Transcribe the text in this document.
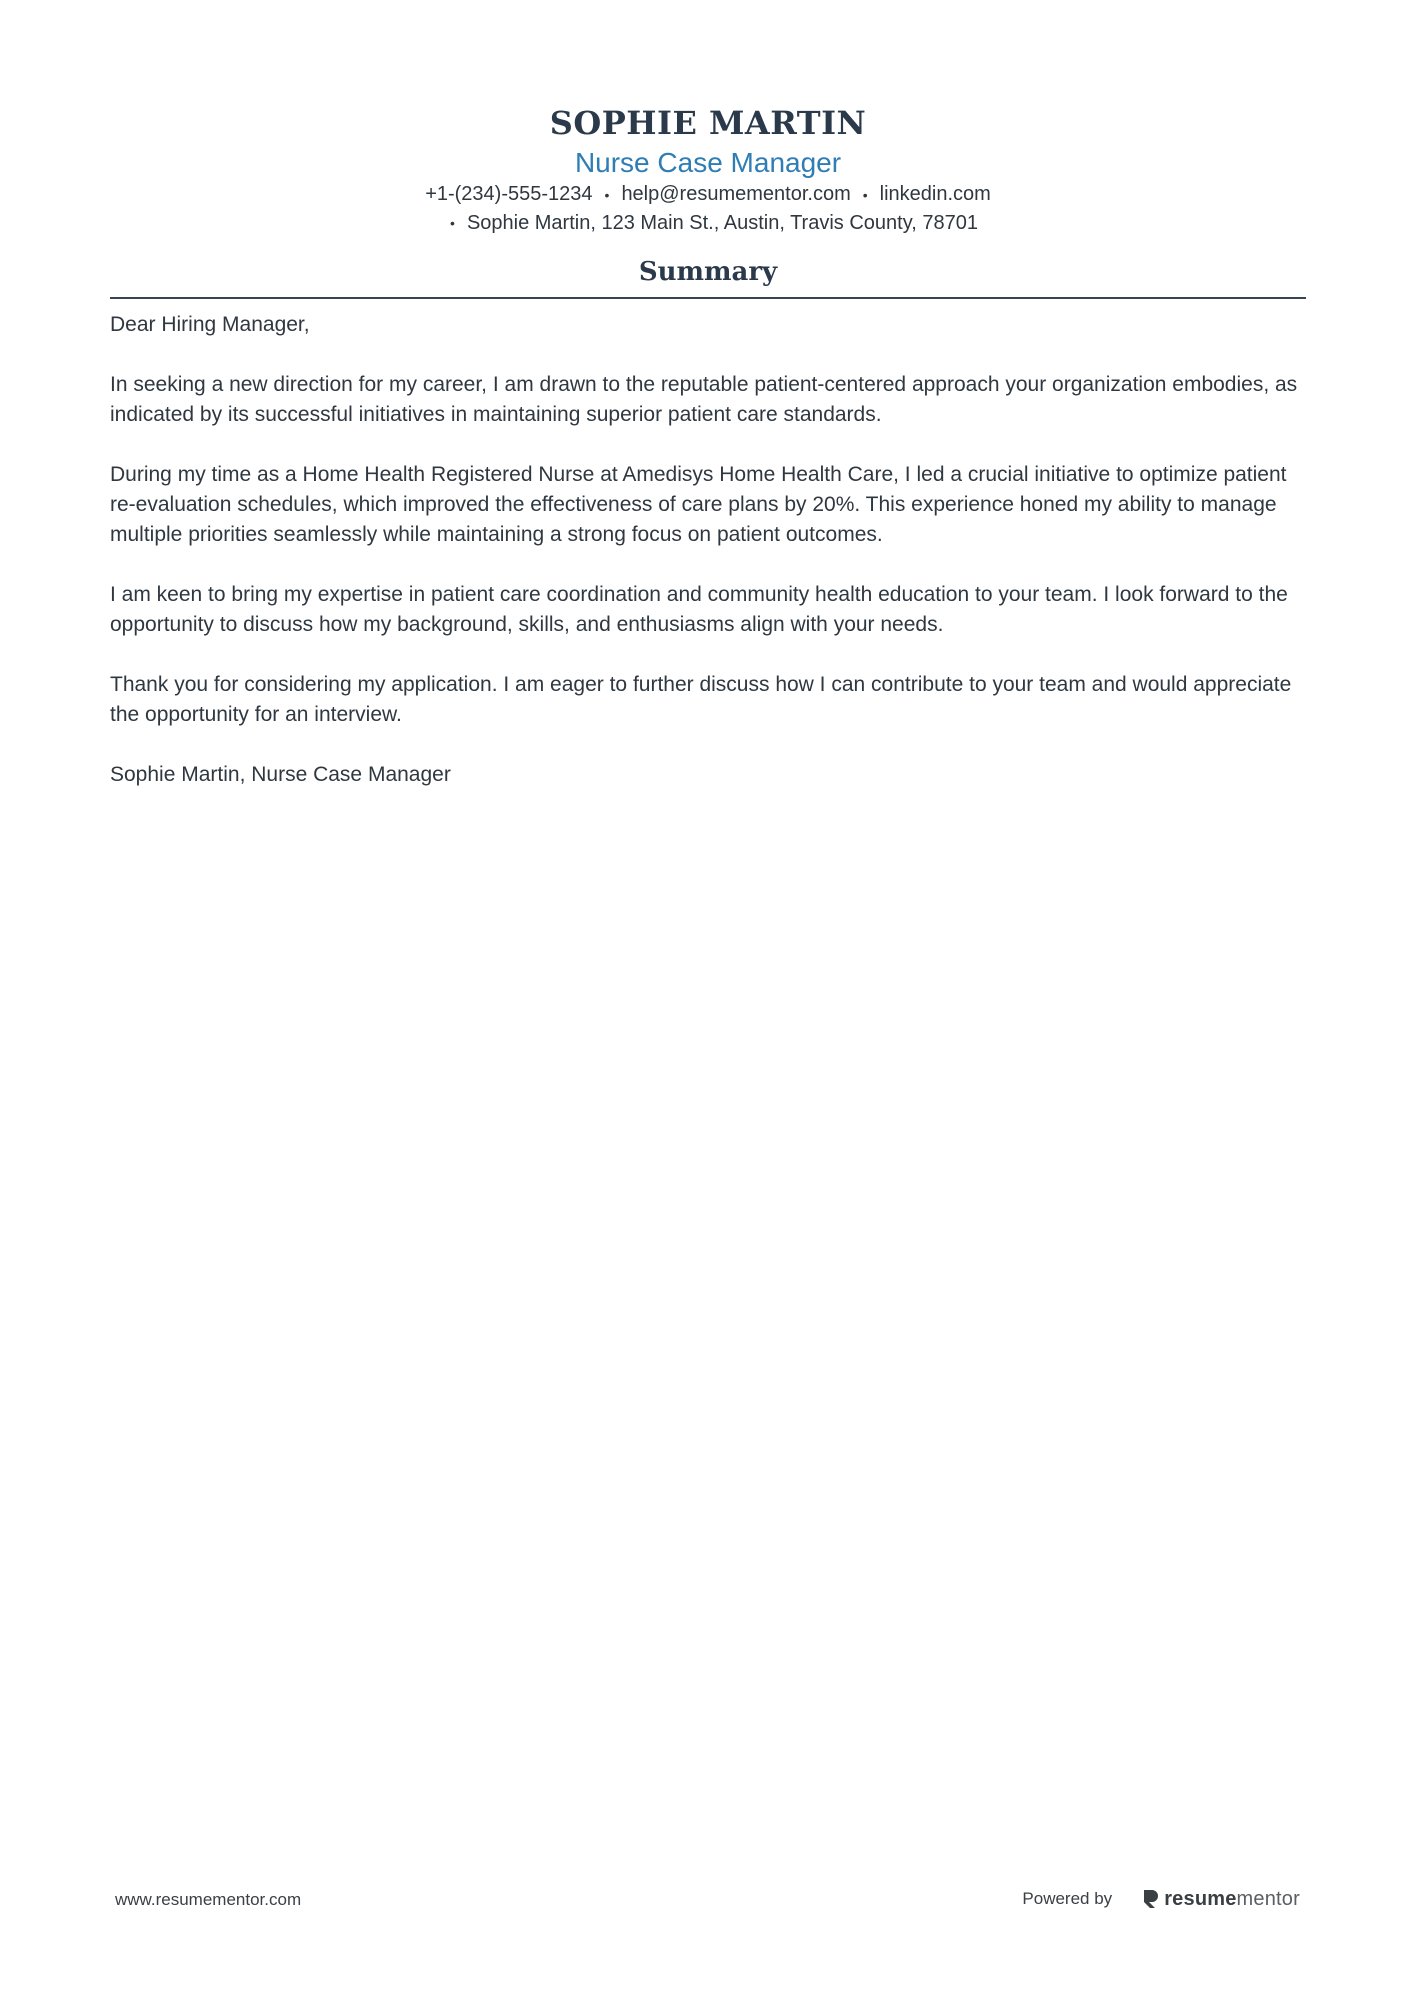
SOPHIE MARTIN
Nurse Case Manager
+1-(234)-555-1234 • help@resumementor.com • linkedin.com
• Sophie Martin, 123 Main St., Austin, Travis County, 78701
Summary

Dear Hiring Manager,

In seeking a new direction for my career, I am drawn to the reputable patient-centered approach your organization embodies, as indicated by its successful initiatives in maintaining superior patient care standards.

During my time as a Home Health Registered Nurse at Amedisys Home Health Care, I led a crucial initiative to optimize patient re-evaluation schedules, which improved the effectiveness of care plans by 20%. This experience honed my ability to manage multiple priorities seamlessly while maintaining a strong focus on patient outcomes.

I am keen to bring my expertise in patient care coordination and community health education to your team. I look forward to the opportunity to discuss how my background, skills, and enthusiasms align with your needs.

Thank you for considering my application. I am eager to further discuss how I can contribute to your team and would appreciate the opportunity for an interview.

Sophie Martin, Nurse Case Manager

www.resumementor.com	Powered by	resumementor
